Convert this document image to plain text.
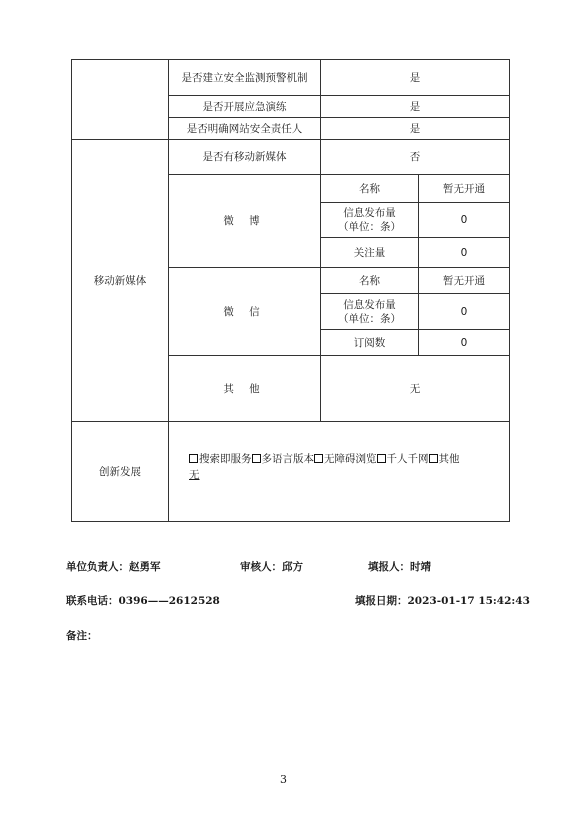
	是否建立安全监测预警机制	是	
	是否开展应急演练	是	
	是否明确网站安全责任人	是	
移动新媒体	是否有移动新媒体	否	
	微 博	名称	暂无开通
		信息发布量
（单位：条）	0
		关注量	0
	微 信	名称	暂无开通
		信息发布量
（单位：条）	0
		订阅数	0
	其 他	无	
创新发展	搜索即服务 多语言版本 无障碍浏览 千人千网 其他
无		
单位负责人：赵勇军	审核人：邱方	填报人：时靖
联系电话：0396——2612528	填报日期：2023-01-17 15:42:43
备注：
3
